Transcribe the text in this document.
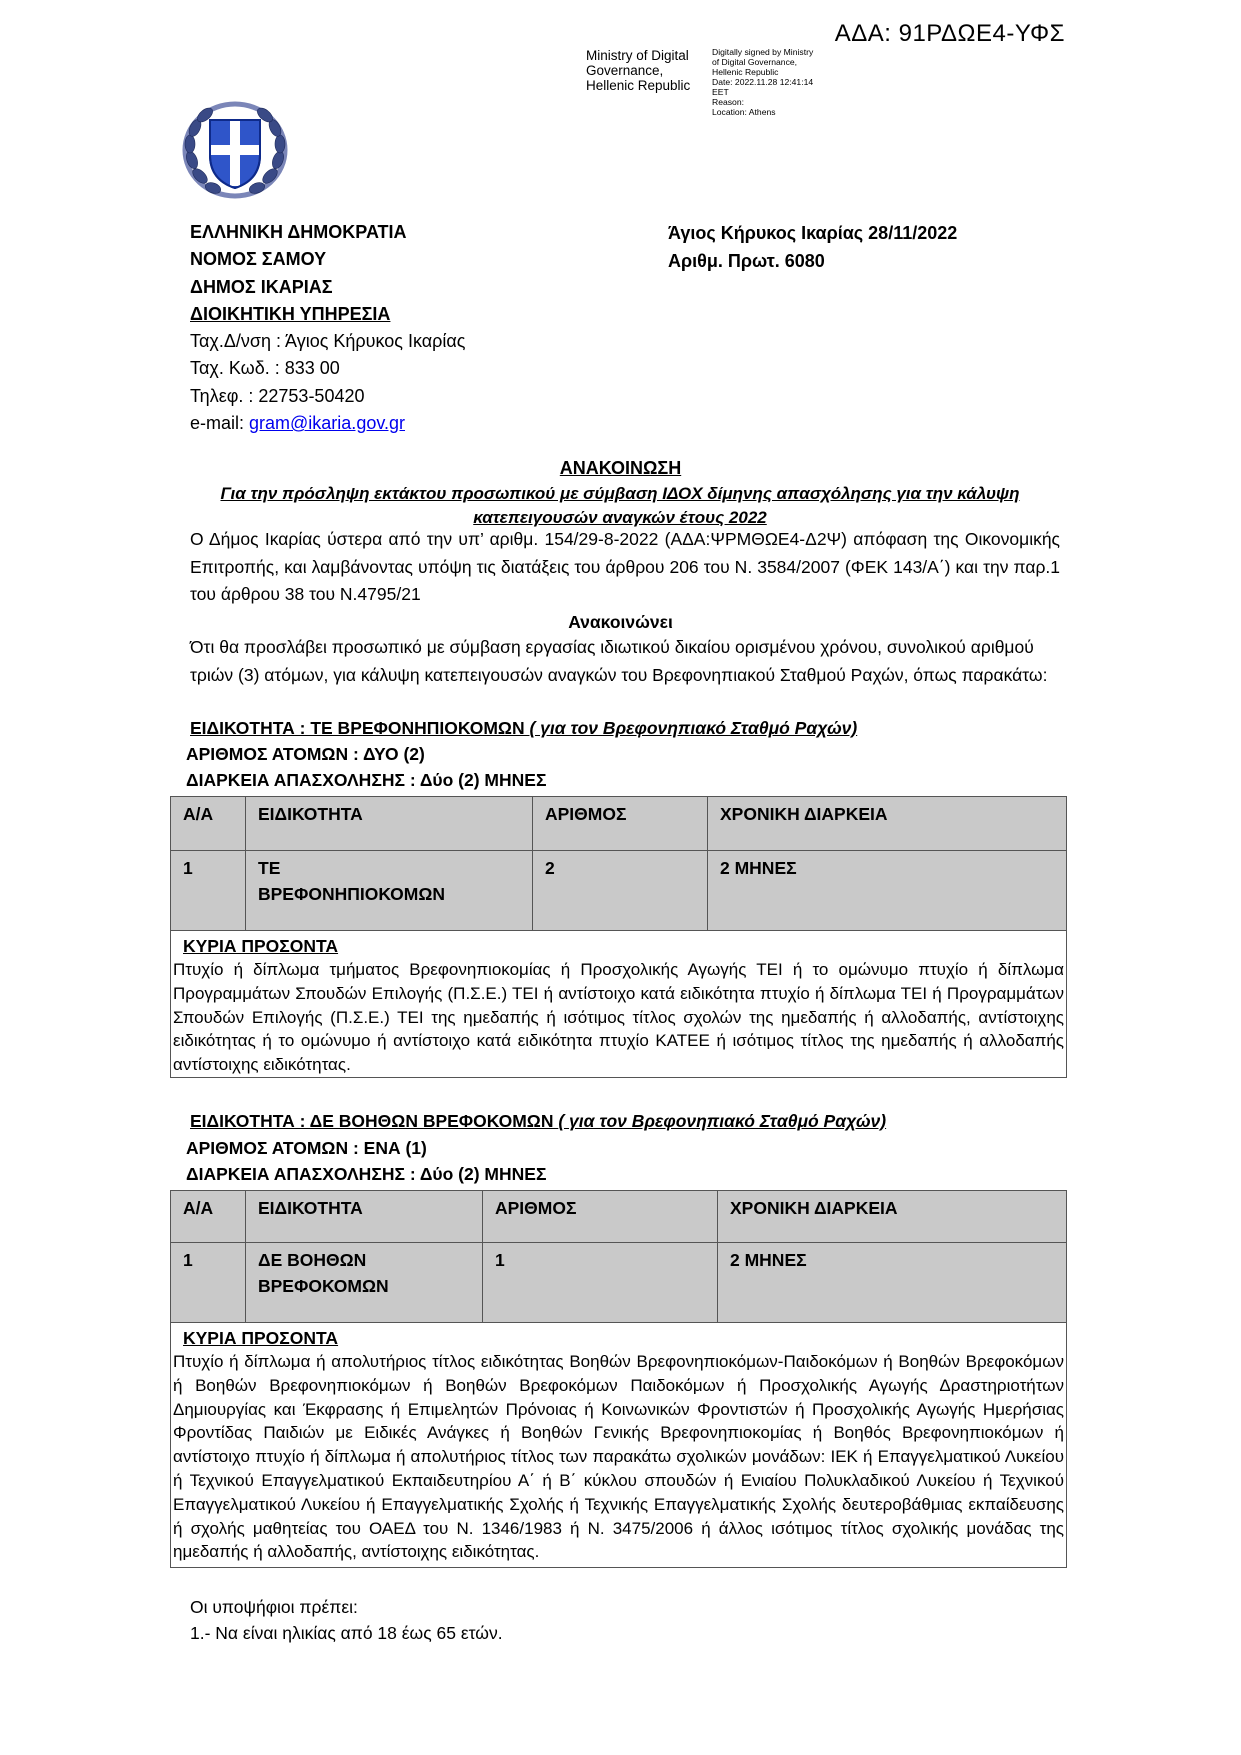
ΑΔΑ: 91ΡΔΩΕ4-ΥΦΣ
Ministry of Digital Governance, Hellenic Republic
Digitally signed by Ministry
of Digital Governance,
Hellenic Republic
Date: 2022.11.28 12:41:14
EET
Reason:
Location: Athens
ΕΛΛΗΝΙΚΗ ΔΗΜΟΚΡΑΤΙΑ
ΝΟΜΟΣ ΣΑΜΟΥ
ΔΗΜΟΣ ΙΚΑΡΙΑΣ
ΔΙΟΙΚΗΤΙΚΗ ΥΠΗΡΕΣΙΑ
Ταχ.Δ/νση : Άγιος Κήρυκος Ικαρίας
Ταχ. Κωδ. : 833 00
Τηλεφ. : 22753-50420
e-mail: gram@ikaria.gov.gr
Άγιος Κήρυκος Ικαρίας 28/11/2022
Αριθμ. Πρωτ. 6080
ΑΝΑΚΟΙΝΩΣΗ
Για την πρόσληψη εκτάκτου προσωπικού με σύμβαση ΙΔΟΧ δίμηνης απασχόλησης για την κάλυψη
κατεπειγουσών αναγκών έτους 2022
Ο Δήμος Ικαρίας ύστερα από την υπ’ αριθμ. 154/29-8-2022 (ΑΔΑ:ΨΡΜΘΩΕ4-Δ2Ψ) απόφαση της Οικονομικής Επιτροπής, και λαμβάνοντας υπόψη τις διατάξεις του άρθρου 206 του Ν. 3584/2007 (ΦΕΚ 143/Α΄) και την παρ.1 του άρθρου 38 του Ν.4795/21
Ανακοινώνει
Ότι θα προσλάβει προσωπικό με σύμβαση εργασίας ιδιωτικού δικαίου ορισμένου χρόνου, συνολικού αριθμού τριών (3) ατόμων, για κάλυψη κατεπειγουσών αναγκών του Βρεφονηπιακού Σταθμού Ραχών, όπως παρακάτω:
ΕΙΔΙΚΟΤΗΤΑ : ΤΕ ΒΡΕΦΟΝΗΠΙΟΚΟΜΩΝ ( για τον Βρεφονηπιακό Σταθμό Ραχών)
ΑΡΙΘΜΟΣ ΑΤΟΜΩΝ : ΔΥΟ (2)
ΔΙΑΡΚΕΙΑ ΑΠΑΣΧΟΛΗΣΗΣ : Δύο (2) ΜΗΝΕΣ
Α/Α	ΕΙΔΙΚΟΤΗΤΑ	ΑΡΙΘΜΟΣ	ΧΡΟΝΙΚΗ ΔΙΑΡΚΕΙΑ
1	ΤΕ
ΒΡΕΦΟΝΗΠΙΟΚΟΜΩΝ	2	2 ΜΗΝΕΣ
ΚΥΡΙΑ ΠΡΟΣΟΝΤΑ
Πτυχίο ή δίπλωμα τμήματος Βρεφονηπιοκομίας ή Προσχολικής Αγωγής ΤΕΙ ή το ομώνυμο πτυχίο ή δίπλωμα Προγραμμάτων Σπουδών Επιλογής (Π.Σ.Ε.) ΤΕΙ ή αντίστοιχο κατά ειδικότητα πτυχίο ή δίπλωμα ΤΕΙ ή Προγραμμάτων Σπουδών Επιλογής (Π.Σ.Ε.) ΤΕΙ της ημεδαπής ή ισότιμος τίτλος σχολών της ημεδαπής ή αλλοδαπής, αντίστοιχης ειδικότητας ή το ομώνυμο ή αντίστοιχο κατά ειδικότητα πτυχίο ΚΑΤΕΕ ή ισότιμος τίτλος της ημεδαπής ή αλλοδαπής αντίστοιχης ειδικότητας.
ΕΙΔΙΚΟΤΗΤΑ : ΔΕ ΒΟΗΘΩΝ ΒΡΕΦΟΚΟΜΩΝ ( για τον Βρεφονηπιακό Σταθμό Ραχών)
ΑΡΙΘΜΟΣ ΑΤΟΜΩΝ : ΕΝΑ (1)
ΔΙΑΡΚΕΙΑ ΑΠΑΣΧΟΛΗΣΗΣ : Δύο (2) ΜΗΝΕΣ
Α/Α	ΕΙΔΙΚΟΤΗΤΑ	ΑΡΙΘΜΟΣ	ΧΡΟΝΙΚΗ ΔΙΑΡΚΕΙΑ
1	ΔΕ ΒΟΗΘΩΝ
ΒΡΕΦΟΚΟΜΩΝ	1	2 ΜΗΝΕΣ
ΚΥΡΙΑ ΠΡΟΣΟΝΤΑ
Πτυχίο ή δίπλωμα ή απολυτήριος τίτλος ειδικότητας Βοηθών Βρεφονηπιοκόμων-Παιδοκόμων ή Βοηθών Βρεφοκόμων ή Βοηθών Βρεφονηπιοκόμων ή Βοηθών Βρεφοκόμων Παιδοκόμων ή Προσχολικής Αγωγής Δραστηριοτήτων Δημιουργίας και Έκφρασης ή Επιμελητών Πρόνοιας ή Κοινωνικών Φροντιστών ή Προσχολικής Αγωγής Ημερήσιας Φροντίδας Παιδιών με Ειδικές Ανάγκες ή Βοηθών Γενικής Βρεφονηπιοκομίας ή Βοηθός Βρεφονηπιοκόμων ή αντίστοιχο πτυχίο ή δίπλωμα ή απολυτήριος τίτλος των παρακάτω σχολικών μονάδων: ΙΕΚ ή Επαγγελματικού Λυκείου ή Τεχνικού Επαγγελματικού Εκπαιδευτηρίου Α΄ ή Β΄ κύκλου σπουδών ή Ενιαίου Πολυκλαδικού Λυκείου ή Τεχνικού Επαγγελματικού Λυκείου ή Επαγγελματικής Σχολής ή Τεχνικής Επαγγελματικής Σχολής δευτεροβάθμιας εκπαίδευσης ή σχολής μαθητείας του ΟΑΕΔ του Ν. 1346/1983 ή Ν. 3475/2006 ή άλλος ισότιμος τίτλος σχολικής μονάδας της ημεδαπής ή αλλοδαπής, αντίστοιχης ειδικότητας.
Οι υποψήφιοι πρέπει:
1.- Να είναι ηλικίας από 18 έως 65 ετών.
